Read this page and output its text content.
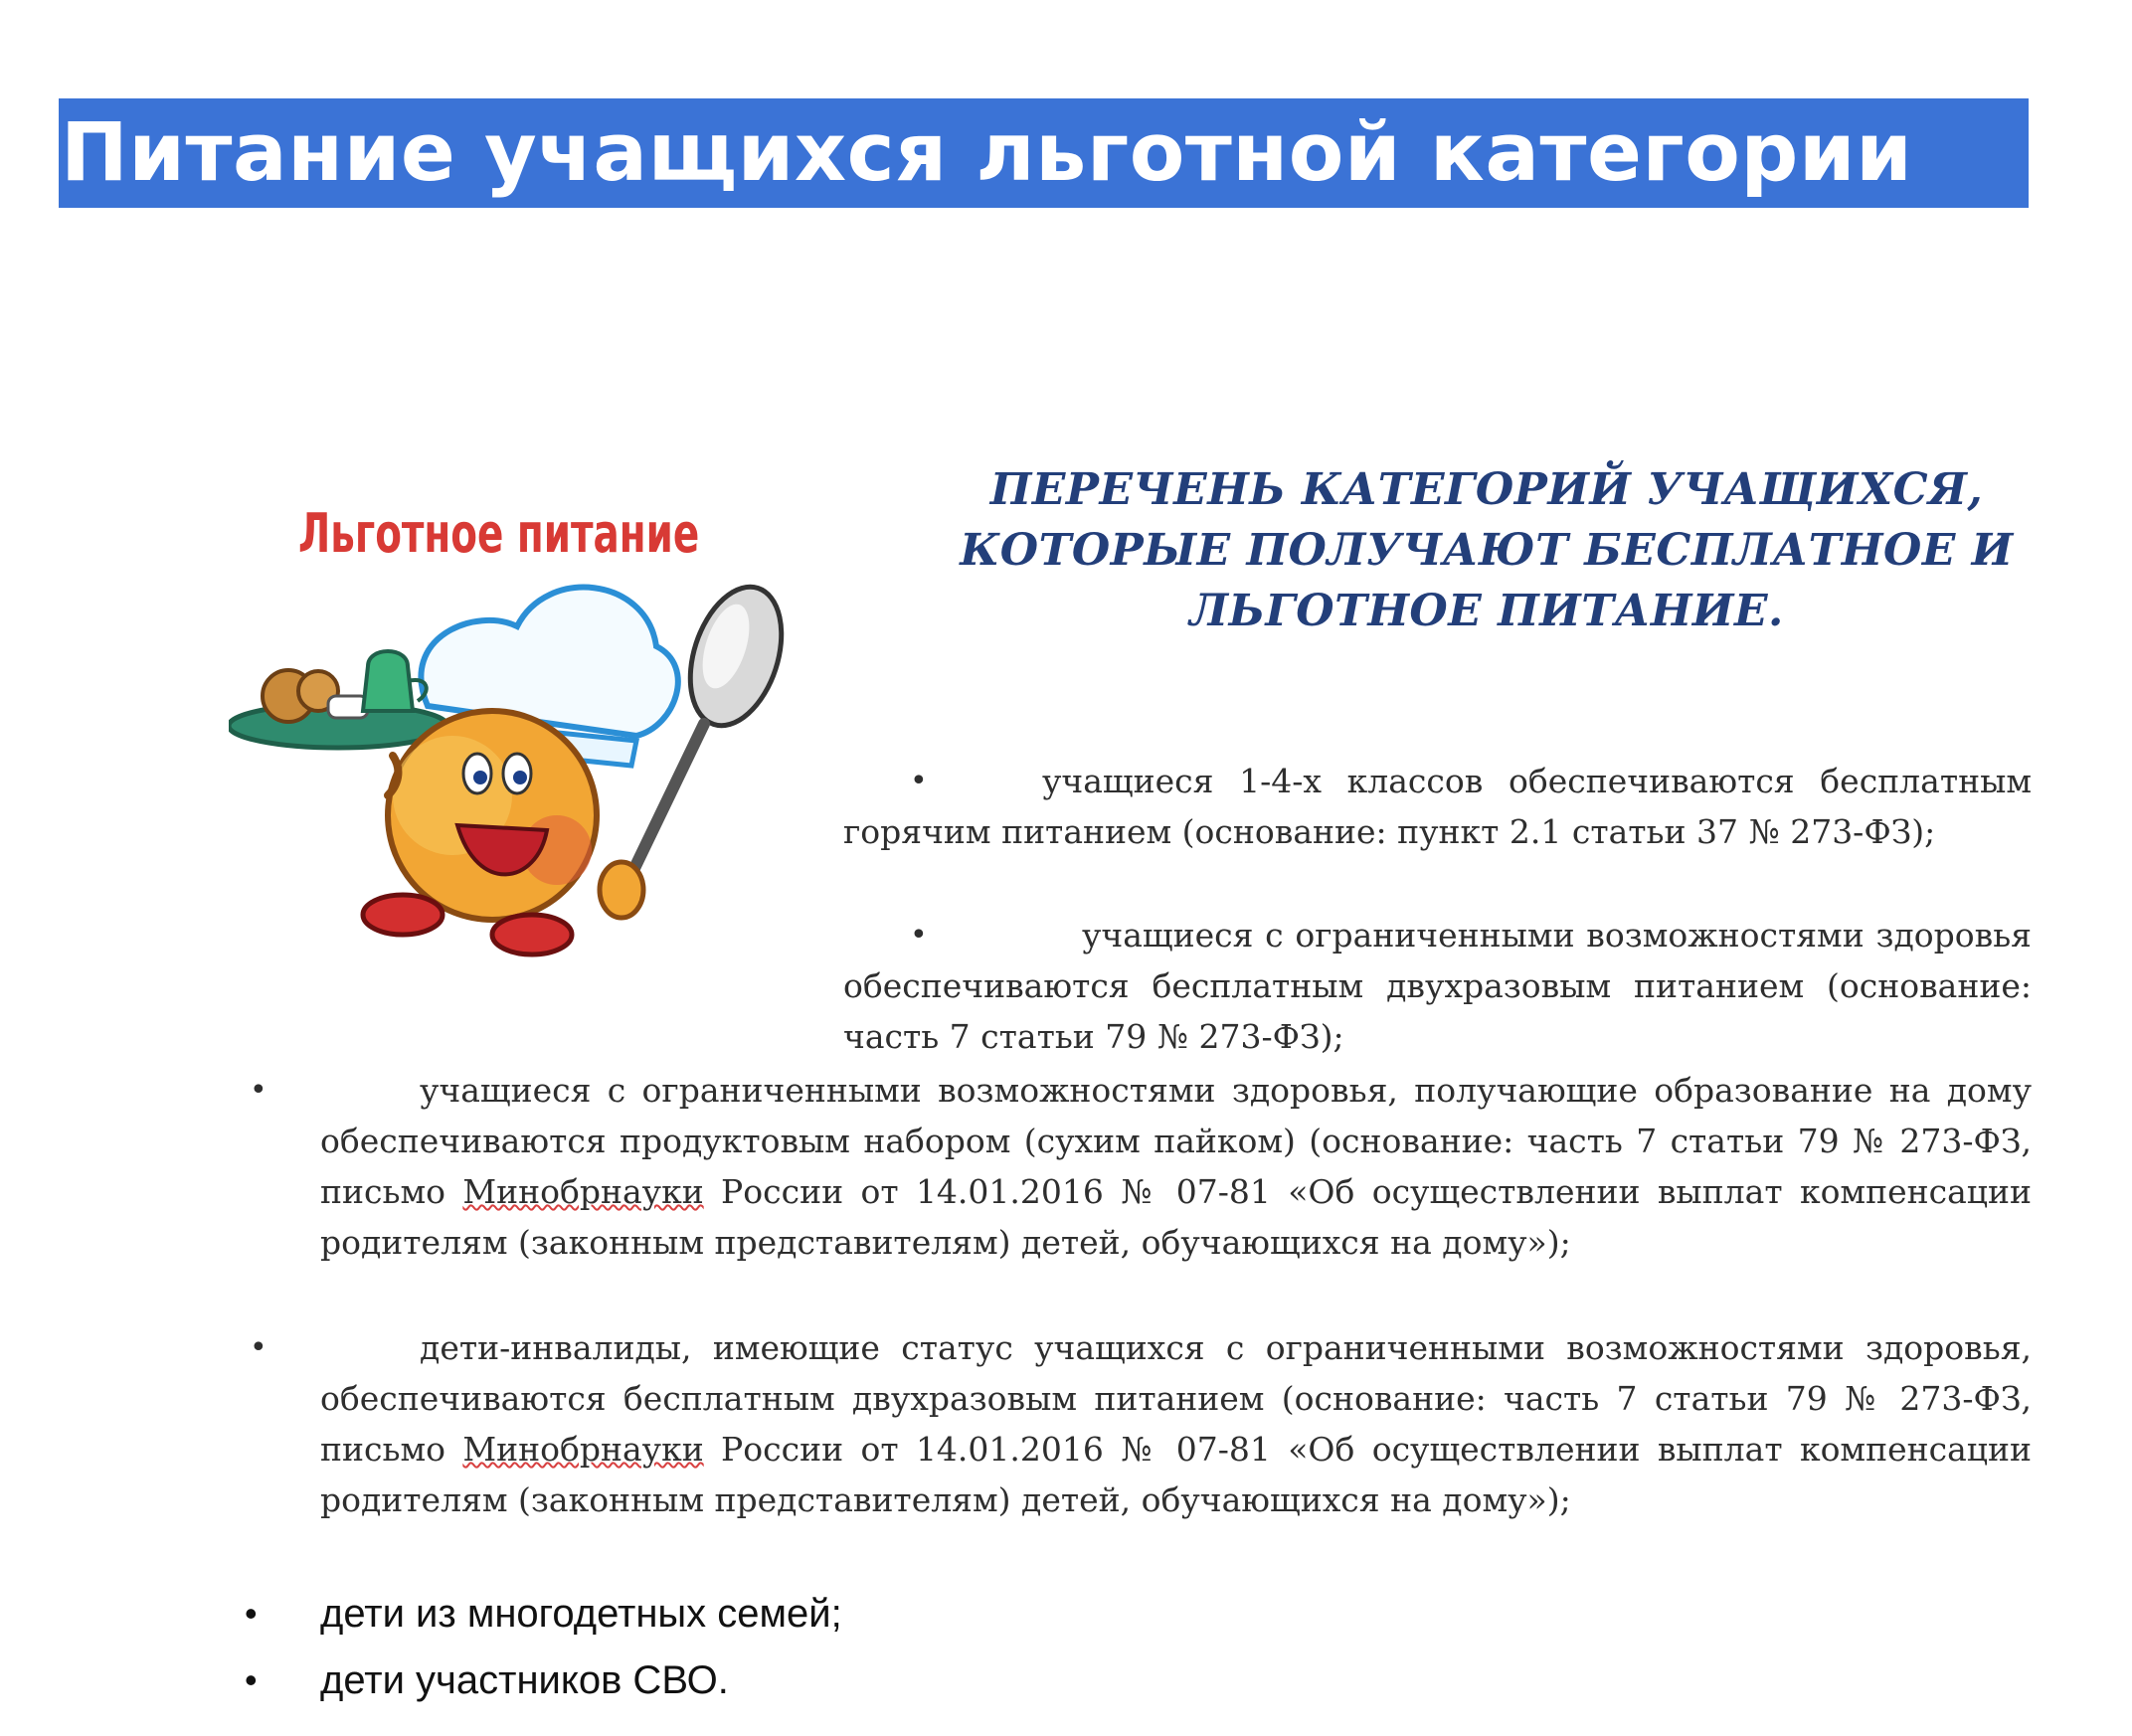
Питание учащихся льготной категории
Льготное питание
ПЕРЕЧЕНЬ КАТЕГОРИЙ УЧАЩИХСЯ,
КОТОРЫЕ ПОЛУЧАЮТ БЕСПЛАТНОЕ И
ЛЬГОТНОЕ ПИТАНИЕ.
•	учащиеся 1-4-х классов обеспечиваются бесплатным горячим питанием (основание: пункт 2.1 статьи 37 № 273-ФЗ);
•	учащиеся с ограниченными возможностями здоровья обеспечиваются бесплатным двухразовым питанием (основание: часть 7 статьи 79 № 273-ФЗ);
•	учащиеся с ограниченными возможностями здоровья, получающие образование на дому обеспечиваются продуктовым набором (сухим пайком) (основание: часть 7 статьи 79 № 273-ФЗ, письмо Минобрнауки России от 14.01.2016 № 07-81 «Об осуществлении выплат компенсации родителям (законным представителям) детей, обучающихся на дому»);
•	дети-инвалиды, имеющие статус учащихся с ограниченными возможностями здоровья, обеспечиваются бесплатным двухразовым питанием (основание: часть 7 статьи 79 № 273-ФЗ, письмо Минобрнауки России от 14.01.2016 № 07-81 «Об осуществлении выплат компенсации родителям (законным представителям) детей, обучающихся на дому»);
• дети из многодетных семей;
• дети участников СВО.
